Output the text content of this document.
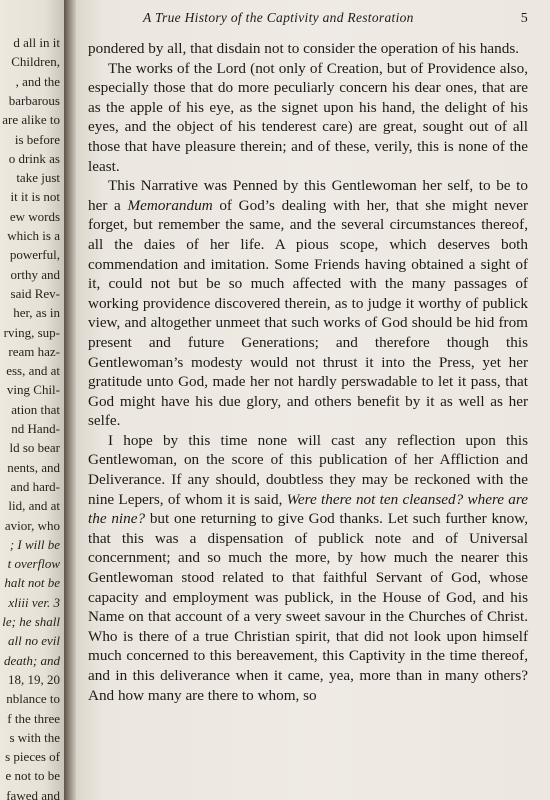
d all in it
Children,
, and the
barbarous
are alike to
is before
o drink as
take just
it it is not
ew words
which is a
powerful,
orthy and
said Rev-
her, as in
rving, sup-
ream haz-
ess, and at
ving Chil-
ation that
nd Hand-
ld so bear
nents, and
and hard-
lid, and at
avior, who
; I will be
t overflow
halt not be
xliii ver. 3
le; he shall
all no evil
death; and
18, 19, 20
nblance to
f the three
s with the
s pieces of
e not to be
fawed and
A True History of the Captivity and Restoration	5

pondered by all, that disdain not to consider the operation of his hands.

The works of the Lord (not only of Creation, but of Providence also, especially those that do more peculiarly concern his dear ones, that are as the apple of his eye, as the signet upon his hand, the delight of his eyes, and the object of his tenderest care) are great, sought out of all those that have pleasure therein; and of these, verily, this is none of the least.

This Narrative was Penned by this Gentlewoman her self, to be to her a Memorandum of God’s dealing with her, that she might never forget, but remember the same, and the several circumstances thereof, all the daies of her life. A pious scope, which deserves both commendation and imitation. Some Friends having obtained a sight of it, could not but be so much affected with the many passages of working providence discovered therein, as to judge it worthy of publick view, and altogether unmeet that such works of God should be hid from present and future Generations; and therefore though this Gentlewoman’s modesty would not thrust it into the Press, yet her gratitude unto God, made her not hardly perswadable to let it pass, that God might have his due glory, and others benefit by it as well as her selfe.

I hope by this time none will cast any reflection upon this Gentlewoman, on the score of this publication of her Affliction and Deliverance. If any should, doubtless they may be reckoned with the nine Lepers, of whom it is said, Were there not ten cleansed? where are the nine? but one returning to give God thanks. Let such further know, that this was a dispensation of publick note and of Universal concernment; and so much the more, by how much the nearer this Gentlewoman stood related to that faithful Servant of God, whose capacity and employment was publick, in the House of God, and his Name on that account of a very sweet savour in the Churches of Christ. Who is there of a true Christian spirit, that did not look upon himself much concerned to this bereavement, this Captivity in the time thereof, and in this deliverance when it came, yea, more than in many others? And how many are there to whom, so
